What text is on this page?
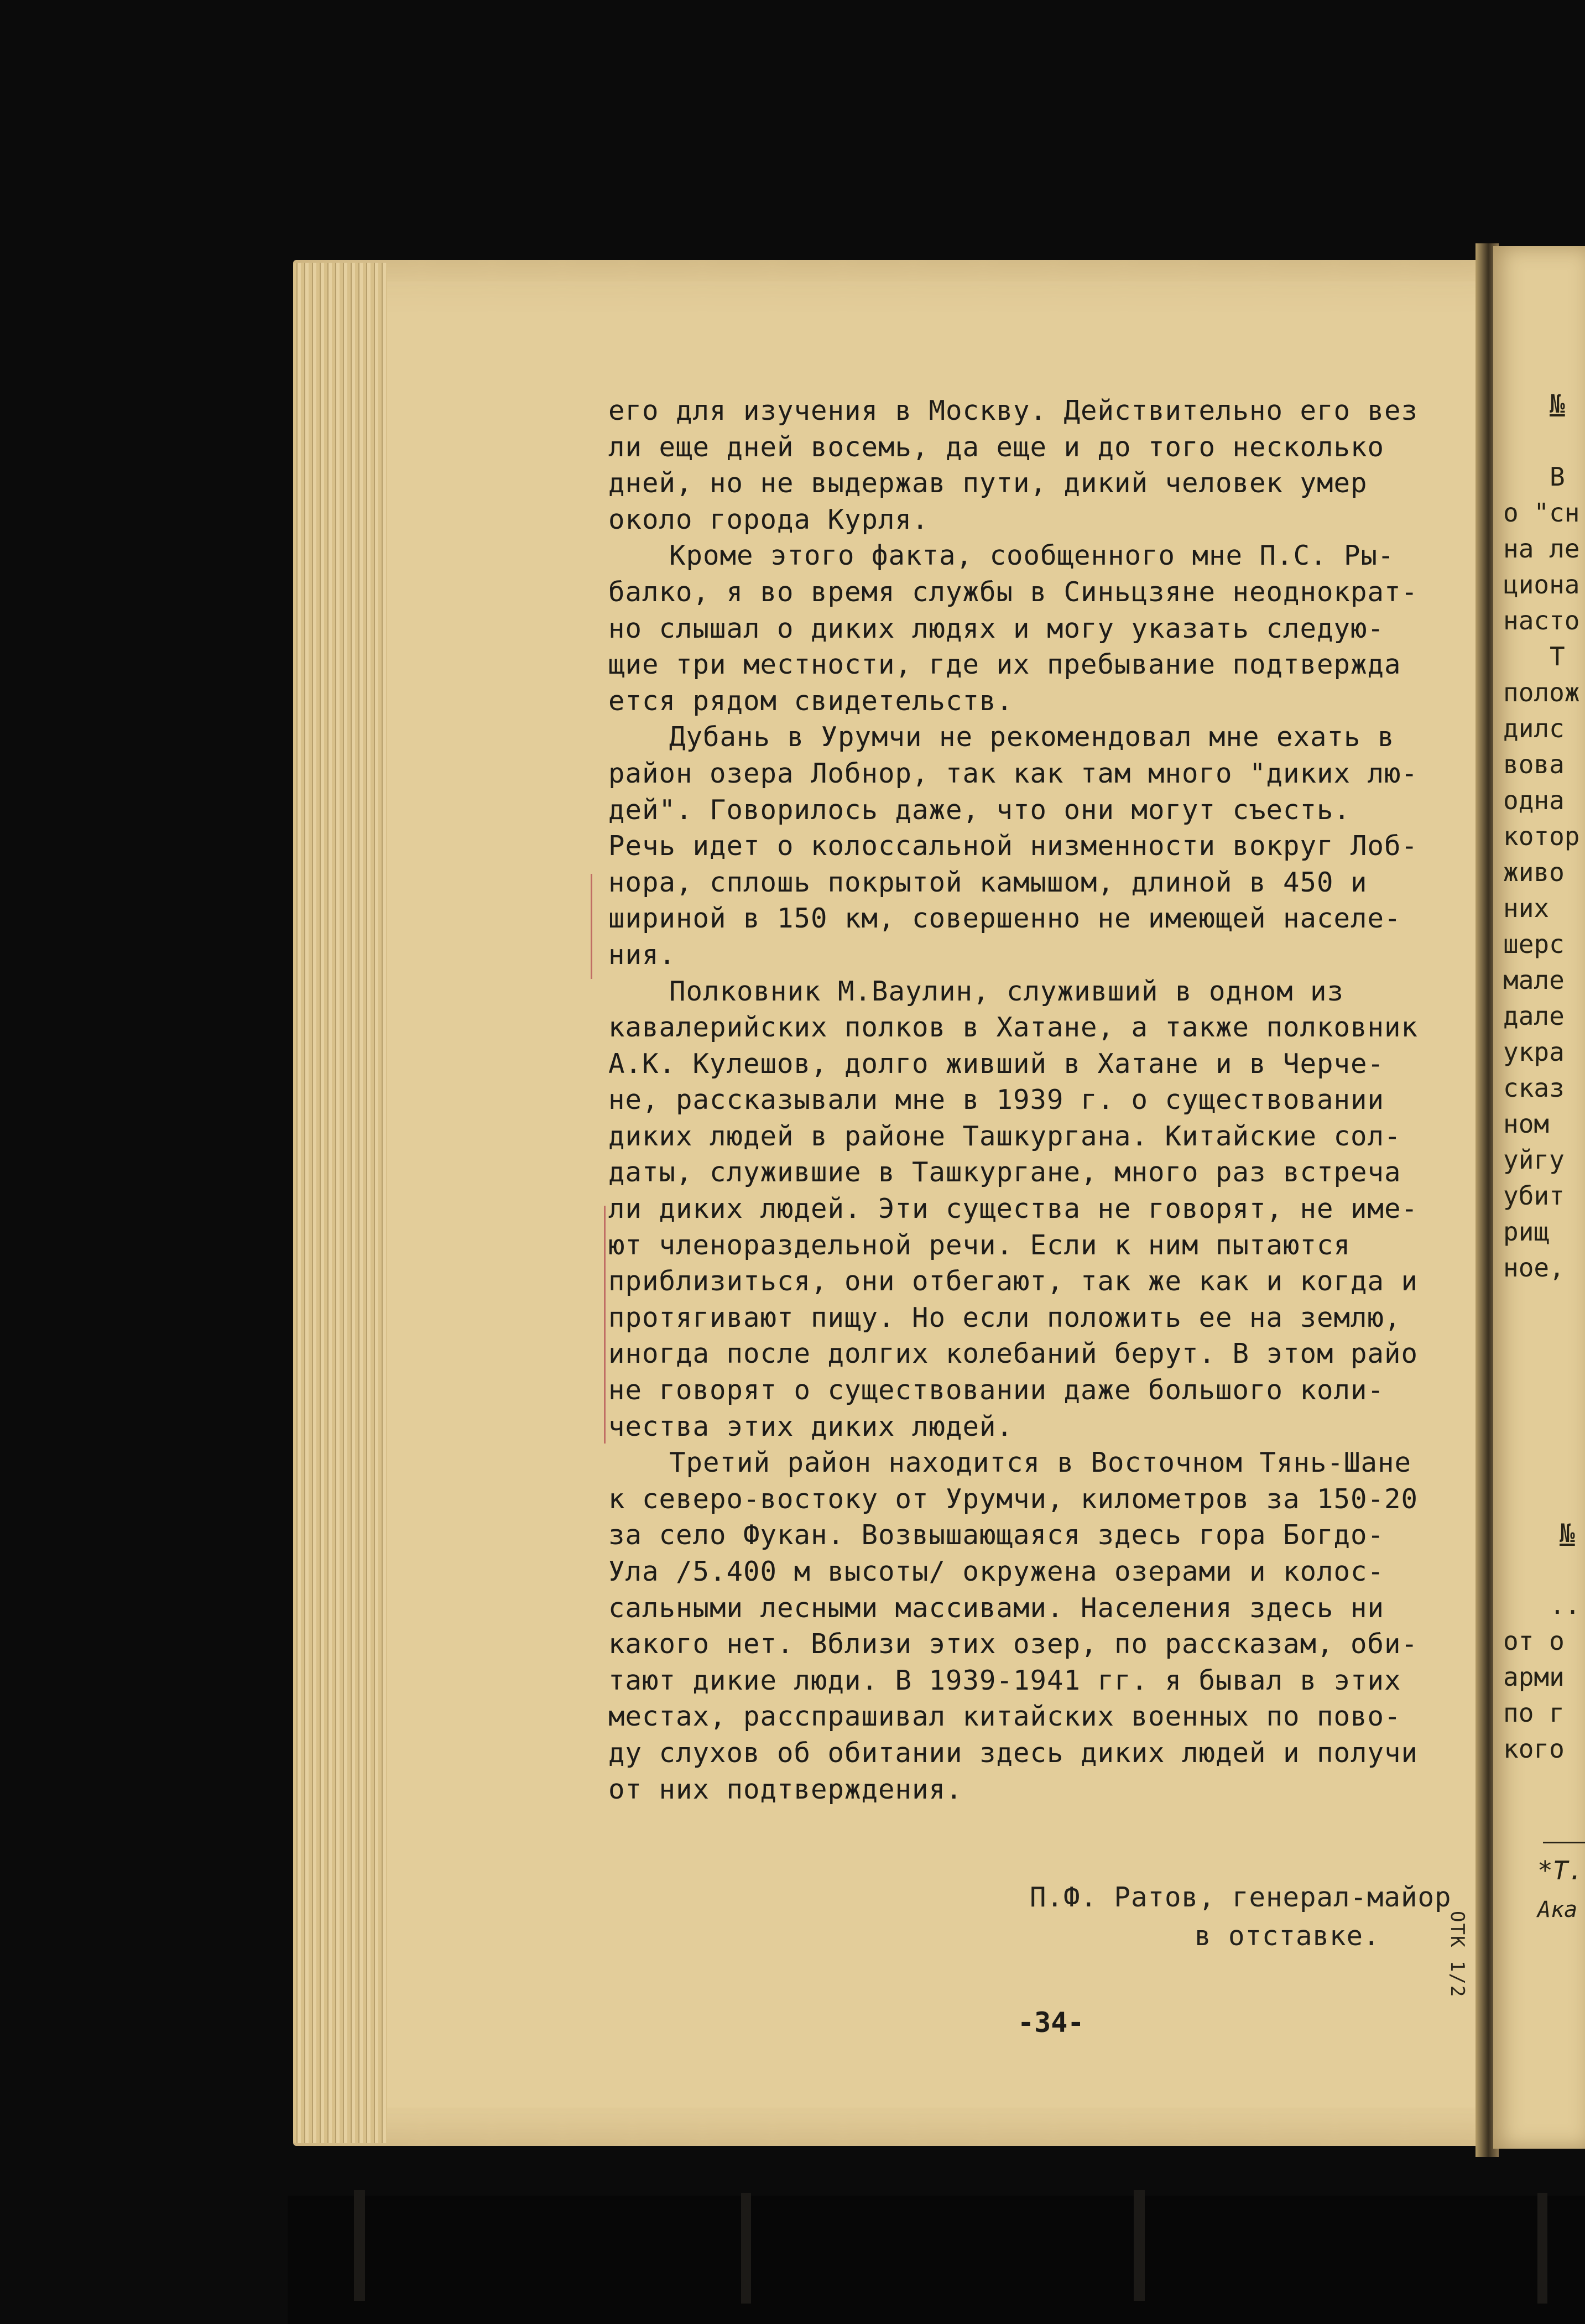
его для изучения в Москву. Действительно его вез
ли еще дней восемь, да еще и до того несколько
дней, но не выдержав пути, дикий человек умер
около города Курля.
Кроме этого факта, сообщенного мне П.С. Ры-
балко, я во время службы в Синьцзяне неоднократ-
но слышал о диких людях и могу указать следую-
щие три местности, где их пребывание подтвержда
ется рядом свидетельств.
Дубань в Урумчи не рекомендовал мне ехать в
район озера Лобнор, так как там много "диких лю-
дей". Говорилось даже, что они могут съесть.
Речь идет о колоссальной низменности вокруг Лоб-
нора, сплошь покрытой камышом, длиной в 450 и
шириной в 150 км, совершенно не имеющей населе-
ния.
Полковник М.Ваулин, служивший в одном из
кавалерийских полков в Хатане, а также полковник
А.К. Кулешов, долго живший в Хатане и в Черче-
не, рассказывали мне в 1939 г. о существовании
диких людей в районе Ташкургана. Китайские сол-
даты, служившие в Ташкургане, много раз встреча
ли диких людей. Эти существа не говорят, не име-
ют членораздельной речи. Если к ним пытаются
приблизиться, они отбегают, так же как и когда и
протягивают пищу. Но если положить ее на землю,
иногда после долгих колебаний берут. В этом райо
не говорят о существовании даже большого коли-
чества этих диких людей.
Третий район находится в Восточном Тянь-Шане
к северо-востоку от Урумчи, километров за 150-20
за село Фукан. Возвышающаяся здесь гора Богдо-
Ула /5.400 м высоты/ окружена озерами и колос-
сальными лесными массивами. Населения здесь ни
какого нет. Вблизи этих озер, по рассказам, оби-
тают дикие люди. В 1939-1941 гг. я бывал в этих
местах, расспрашивал китайских военных по пово-
ду слухов об обитании здесь диких людей и получи
от них подтверждения.
П.Ф. Ратов, генерал-майор
в отставке.
-34-
№
В
о "сн
на ле
циона
насто
Т
полож
дилс
вова
одна
котор
живо
них
шерс
мале
дале
укра
сказ
ном
уйгу
убит
рищ
ное,
№
..
от о
арми
по г
кого
*Т.
Ака
ОТК 1/2
